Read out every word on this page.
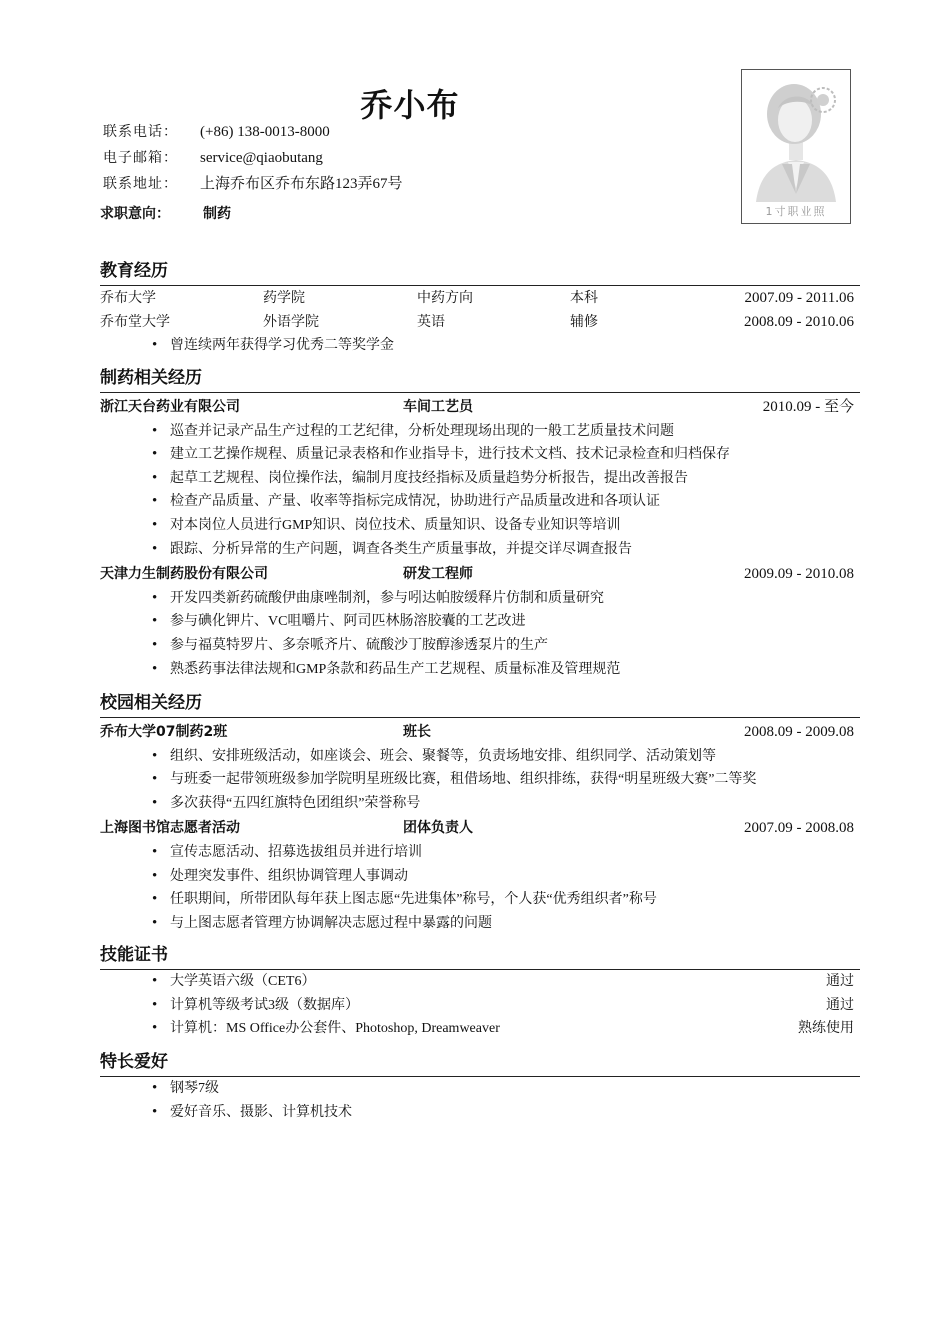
乔小布
联系电话：	(+86) 138-0013-8000
电子邮箱：	service@qiaobutang
联系地址：	上海乔布区乔布东路123弄67号
求职意向：	制药	1寸职业照
教育经历
乔布大学	药学院	中药方向	本科	2007.09 - 2011.06
乔布堂大学	外语学院	英语	辅修	2008.09 - 2010.06
• 曾连续两年获得学习优秀二等奖学金
制药相关经历
浙江天台药业有限公司	车间工艺员	2010.09 - 至今
• 巡查并记录产品生产过程的工艺纪律，分析处理现场出现的一般工艺质量技术问题
• 建立工艺操作规程、质量记录表格和作业指导卡，进行技术文档、技术记录检查和归档保存
• 起草工艺规程、岗位操作法，编制月度技经指标及质量趋势分析报告，提出改善报告
• 检查产品质量、产量、收率等指标完成情况，协助进行产品质量改进和各项认证
• 对本岗位人员进行GMP知识、岗位技术、质量知识、设备专业知识等培训
• 跟踪、分析异常的生产问题，调查各类生产质量事故，并提交详尽调查报告
天津力生制药股份有限公司	研发工程师	2009.09 - 2010.08
• 开发四类新药硫酸伊曲康唑制剂，参与吲达帕胺缓释片仿制和质量研究
• 参与碘化钾片、VC咀嚼片、阿司匹林肠溶胶囊的工艺改进
• 参与福莫特罗片、多奈哌齐片、硫酸沙丁胺醇渗透泵片的生产
• 熟悉药事法律法规和GMP条款和药品生产工艺规程、质量标准及管理规范
校园相关经历
乔布大学07制药2班	班长	2008.09 - 2009.08
• 组织、安排班级活动，如座谈会、班会、聚餐等，负责场地安排、组织同学、活动策划等
• 与班委一起带领班级参加学院明星班级比赛，租借场地、组织排练，获得“明星班级大赛”二等奖
• 多次获得“五四红旗特色团组织”荣誉称号
上海图书馆志愿者活动	团体负责人	2007.09 - 2008.08
• 宣传志愿活动、招募选拔组员并进行培训
• 处理突发事件、组织协调管理人事调动
• 任职期间，所带团队每年获上图志愿“先进集体”称号，个人获“优秀组织者”称号
• 与上图志愿者管理方协调解决志愿过程中暴露的问题
技能证书
• 大学英语六级（CET6）	通过
• 计算机等级考试3级（数据库）	通过
• 计算机：MS Office办公套件、Photoshop, Dreamweaver	熟练使用
特长爱好
• 钢琴7级
• 爱好音乐、摄影、计算机技术
